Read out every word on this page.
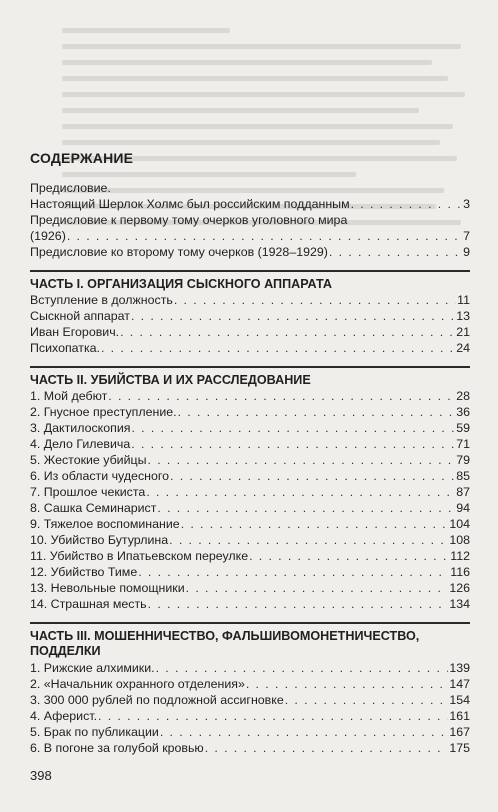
СОДЕРЖАНИЕ
Предисловие.
Настоящий Шерлок Холмс был российским подданным . . .	3
Предисловие к первому тому очерков уголовного мира
(1926) . . .	7
Предисловие ко второму тому очерков (1928–1929) . . .	9
ЧАСТЬ I. ОРГАНИЗАЦИЯ СЫСКНОГО АППАРАТА
Вступление в должность . . .	11
Сыскной аппарат . . .	13
Иван Егорович. . . .	21
Психопатка. . . .	24
ЧАСТЬ II. УБИЙСТВА И ИХ РАССЛЕДОВАНИЕ
1. Мой дебют . . .	28
2. Гнусное преступление. . . .	36
3. Дактилоскопия . . .	59
4. Дело Гилевича . . .	71
5. Жестокие убийцы . . .	79
6. Из области чудесного . . .	85
7. Прошлое чекиста . . .	87
8. Сашка Семинарист . . .	94
9. Тяжелое воспоминание . . .	104
10. Убийство Бутурлина . . .	108
11. Убийство в Ипатьевском переулке . . .	112
12. Убийство Тиме . . .	116
13. Невольные помощники . . .	126
14. Страшная месть . . .	134
ЧАСТЬ III. МОШЕННИЧЕСТВО, ФАЛЬШИВОМОНЕТНИЧЕСТВО,
ПОДДЕЛКИ
1. Рижские алхимики. . . .	139
2. «Начальник охранного отделения» . . .	147
3. 300 000 рублей по подложной ассигновке . . .	154
4. Аферист. . . .	161
5. Брак по публикации . . .	167
6. В погоне за голубой кровью . . .	175
398
